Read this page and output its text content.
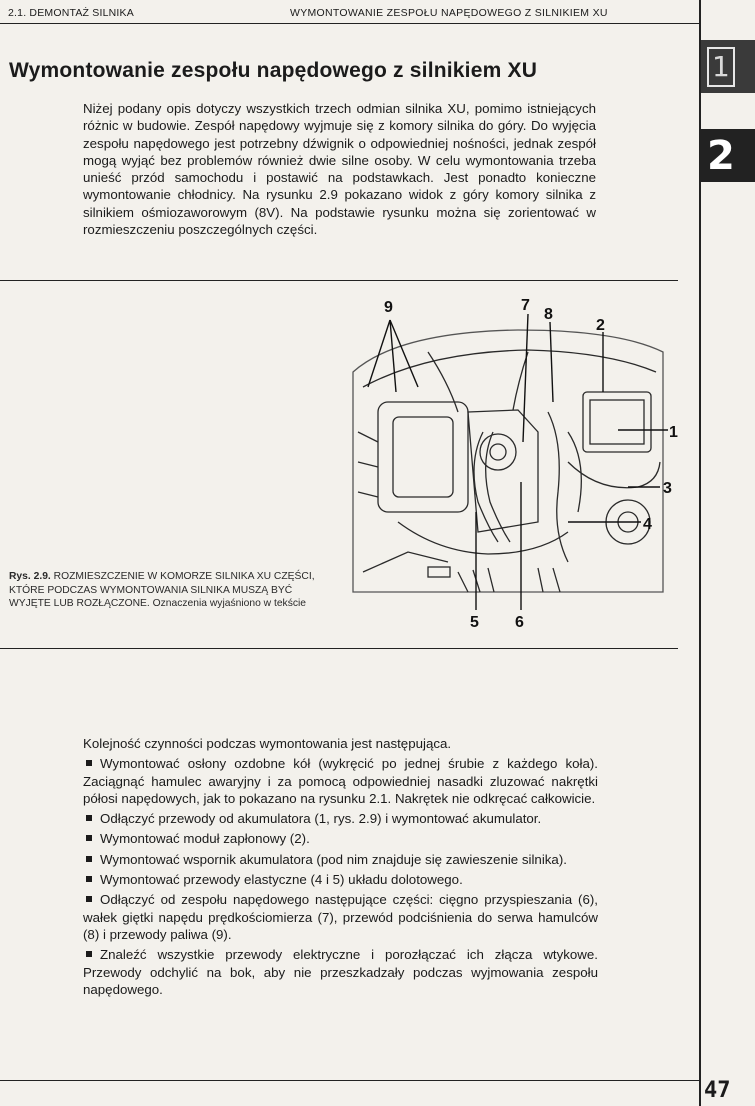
2.1. DEMONTAŻ SILNIKA	WYMONTOWANIE ZESPOŁU NAPĘDOWEGO Z SILNIKIEM XU
1
2
Wymontowanie zespołu napędowego z silnikiem XU
Niżej podany opis dotyczy wszystkich trzech odmian silnika XU, pomimo istniejących różnic w budowie. Zespół napędowy wyjmuje się z komory silnika do góry. Do wyjęcia zespołu napędowego jest potrzebny dźwignik o odpowiedniej nośności, jednak zespół mogą wyjąć bez problemów również dwie silne osoby. W celu wymontowania trzeba unieść przód samochodu i postawić na podstawkach. Jest ponadto konieczne wymontowanie chłodnicy. Na rysunku 2.9 pokazano widok z góry komory silnika z silnikiem ośmiozaworowym (8V). Na podstawie rysunku można się zorientować w rozmieszczeniu poszczególnych części.
Rys. 2.9. ROZMIESZCZENIE W KOMORZE SILNIKA XU CZĘŚCI, KTÓRE PODCZAS WYMONTOWANIA SILNIKA MUSZĄ BYĆ WYJĘTE LUB ROZŁĄCZONE. Oznaczenia wyjaśniono w tekście
9	7
8
2
1
3
4
5 6

Kolejność czynności podczas wymontowania jest następująca.

Wymontować osłony ozdobne kół (wykręcić po jednej śrubie z każdego koła). Zaciągnąć hamulec awaryjny i za pomocą odpowiedniej nasadki zluzować nakrętki półosi napędowych, jak to pokazano na rysunku 2.1. Nakrętek nie odkręcać całkowicie.

Odłączyć przewody od akumulatora (1, rys. 2.9) i wymontować akumulator.

Wymontować moduł zapłonowy (2).

Wymontować wspornik akumulatora (pod nim znajduje się zawieszenie silnika).

Wymontować przewody elastyczne (4 i 5) układu dolotowego.

Odłączyć od zespołu napędowego następujące części: cięgno przyspieszania (6), wałek giętki napędu prędkościomierza (7), przewód podciśnienia do serwa hamulców (8) i przewody paliwa (9).

Znaleźć wszystkie przewody elektryczne i porozłączać ich złącza wtykowe. Przewody odchylić na bok, aby nie przeszkadzały podczas wyjmowania zespołu napędowego.

47
